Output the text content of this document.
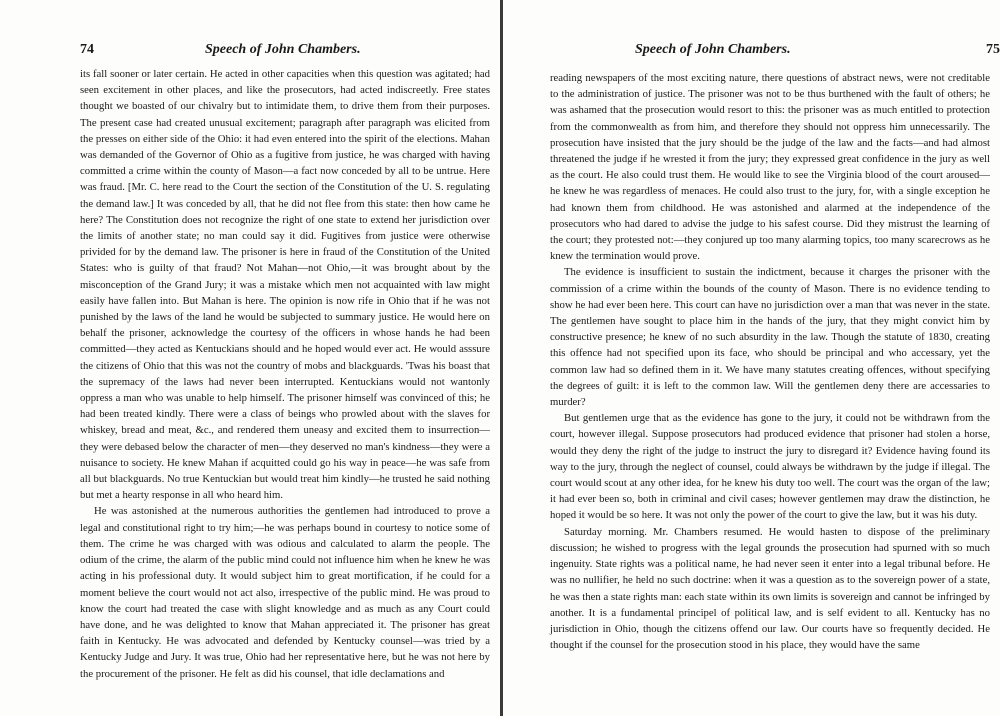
74	Speech of John Chambers.

its fall sooner or later certain. He acted in other capacities when this question was agitated; had seen excitement in other places, and like the prosecutors, had acted indiscreetly. Free states thought we boasted of our chivalry but to intimidate them, to drive them from their purposes. The present case had created unusual excitement; paragraph after paragraph was elicited from the presses on either side of the Ohio: it had even entered into the spirit of the elections. Mahan was demanded of the Governor of Ohio as a fugitive from justice, he was charged with having committed a crime within the county of Mason—a fact now conceded by all to be untrue. Here was fraud. [Mr. C. here read to the Court the section of the Constitution of the U. S. regulating the demand law.] It was conceded by all, that he did not flee from this state: then how came he here? The Constitution does not recognize the right of one state to extend her jurisdiction over the limits of another state; no man could say it did. Fugitives from justice were otherwise privided for by the demand law. The prisoner is here in fraud of the Constitution of the United States: who is guilty of that fraud? Not Mahan—not Ohio,—it was brought about by the misconception of the Grand Jury; it was a mistake which men not acquainted with law might easily have fallen into. But Mahan is here. The opinion is now rife in Ohio that if he was not punished by the laws of the land he would be subjected to summary justice. He would here on behalf the prisoner, acknowledge the courtesy of the officers in whose hands he had been committed—they acted as Kentuckians should and he hoped would ever act. He would asssure the citizens of Ohio that this was not the country of mobs and blackguards. 'Twas his boast that the supremacy of the laws had never been interrupted. Kentuckians would not wantonly oppress a man who was unable to help himself. The prisoner himself was convinced of this; he had been treated kindly. There were a class of beings who prowled about with the slaves for whiskey, bread and meat, &c., and rendered them uneasy and excited them to insurrection—they were debased below the character of men—they deserved no man's kindness—they were a nuisance to society. He knew Mahan if acquitted could go his way in peace—he was safe from all but blackguards. No true Kentuckian but would treat him kindly—he trusted he said nothing but met a hearty response in all who heard him.

He was astonished at the numerous authorities the gentlemen had introduced to prove a legal and constitutional right to try him;—he was perhaps bound in courtesy to notice some of them. The crime he was charged with was odious and calculated to alarm the people. The odium of the crime, the alarm of the public mind could not influence him when he knew he was acting in his professional duty. It would subject him to great mortification, if he could for a moment believe the court would not act also, irrespective of the public mind. He was proud to know the court had treated the case with slight knowledge and as much as any Court could have done, and he was delighted to know that Mahan appreciated it. The prisoner has great faith in Kentucky. He was advocated and defended by Kentucky counsel—was tried by a Kentucky Judge and Jury. It was true, Ohio had her representative here, but he was not here by the procurement of the prisoner. He felt as did his counsel, that idle declamations and

Speech of John Chambers.	75

reading newspapers of the most exciting nature, there questions of abstract news, were not creditable to the administration of justice. The prisoner was not to be thus burthened with the fault of others; he was ashamed that the prosecution would resort to this: the prisoner was as much entitled to protection from the commonwealth as from him, and therefore they should not oppress him unnecessarily. The prosecution have insisted that the jury should be the judge of the law and the facts—and had almost threatened the judge if he wrested it from the jury; they expressed great confidence in the jury as well as the court. He also could trust them. He would like to see the Virginia blood of the court aroused—he knew he was regardless of menaces. He could also trust to the jury, for, with a single exception he had known them from childhood. He was astonished and alarmed at the independence of the prosecutors who had dared to advise the judge to his safest course. Did they mistrust the learning of the court; they protested not:—they conjured up too many alarming topics, too many scarecrows as he knew the termination would prove.

The evidence is insufficient to sustain the indictment, because it charges the prisoner with the commission of a crime within the bounds of the county of Mason. There is no evidence tending to show he had ever been here. This court can have no jurisdiction over a man that was never in the state. The gentlemen have sought to place him in the hands of the jury, that they might convict him by constructive presence; he knew of no such absurdity in the law. Though the statute of 1830, creating this offence had not specified upon its face, who should be principal and who accessary, yet the common law had so defined them in it. We have many statutes creating offences, without specifying the degrees of guilt: it is left to the common law. Will the gentlemen deny there are accessaries to murder?

But gentlemen urge that as the evidence has gone to the jury, it could not be withdrawn from the court, however illegal. Suppose prosecutors had produced evidence that prisoner had stolen a horse, would they deny the right of the judge to instruct the jury to disregard it? Evidence having found its way to the jury, through the neglect of counsel, could always be withdrawn by the judge if illegal. The court would scout at any other idea, for he knew his duty too well. The court was the organ of the law; it had ever been so, both in criminal and civil cases; however gentlemen may draw the distinction, he hoped it would be so here. It was not only the power of the court to give the law, but it was his duty.

Saturday morning. Mr. Chambers resumed. He would hasten to dispose of the preliminary discussion; he wished to progress with the legal grounds the prosecution had spurned with so much ingenuity. State rights was a political name, he had never seen it enter into a legal tribunal before. He was no nullifier, he held no such doctrine: when it was a question as to the sovereign power of a state, he was then a state rights man: each state within its own limits is sovereign and cannot be infringed by another. It is a fundamental principel of political law, and is self evident to all. Kentucky has no jurisdiction in Ohio, though the citizens offend our law. Our courts have so frequently decided. He thought if the counsel for the prosecution stood in his place, they would have the same
